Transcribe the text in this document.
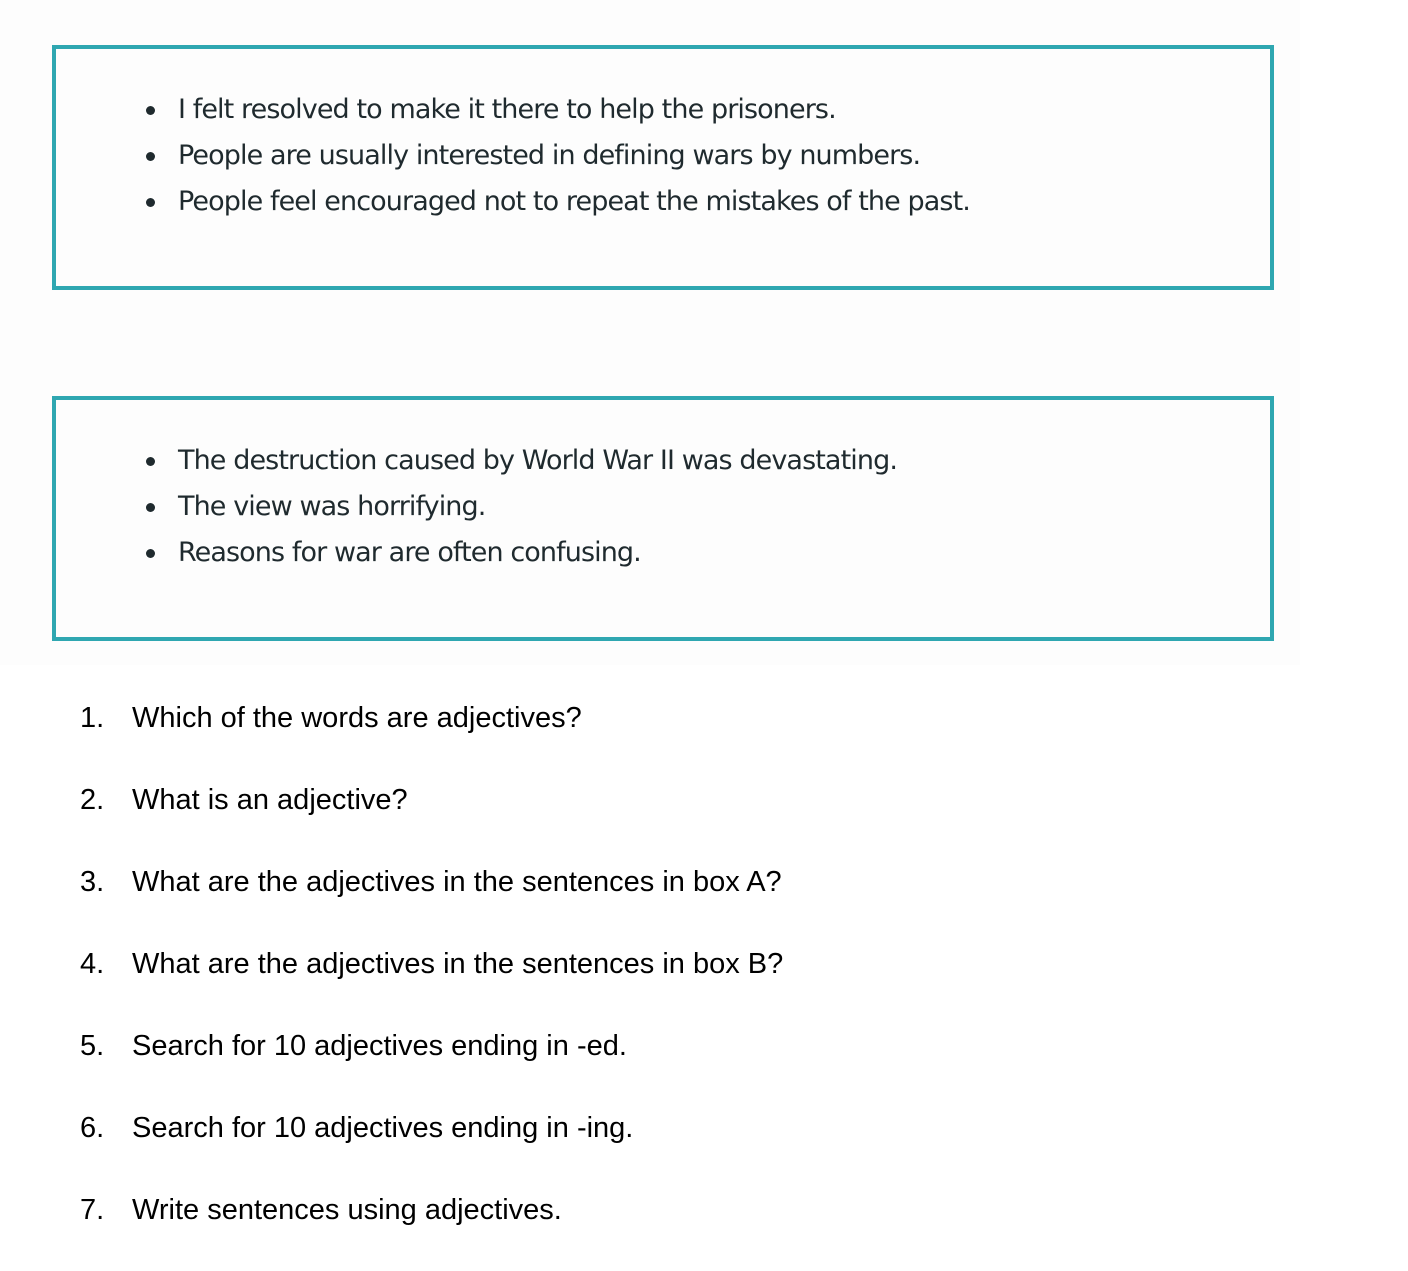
I felt resolved to make it there to help the prisoners.
People are usually interested in defining wars by numbers.
People feel encouraged not to repeat the mistakes of the past.
The destruction caused by World War II was devastating.
The view was horrifying.
Reasons for war are often confusing.
1. Which of the words are adjectives?
2. What is an adjective?
3. What are the adjectives in the sentences in box A?
4. What are the adjectives in the sentences in box B?
5. Search for 10 adjectives ending in -ed.
6. Search for 10 adjectives ending in -ing.
7. Write sentences using adjectives.
